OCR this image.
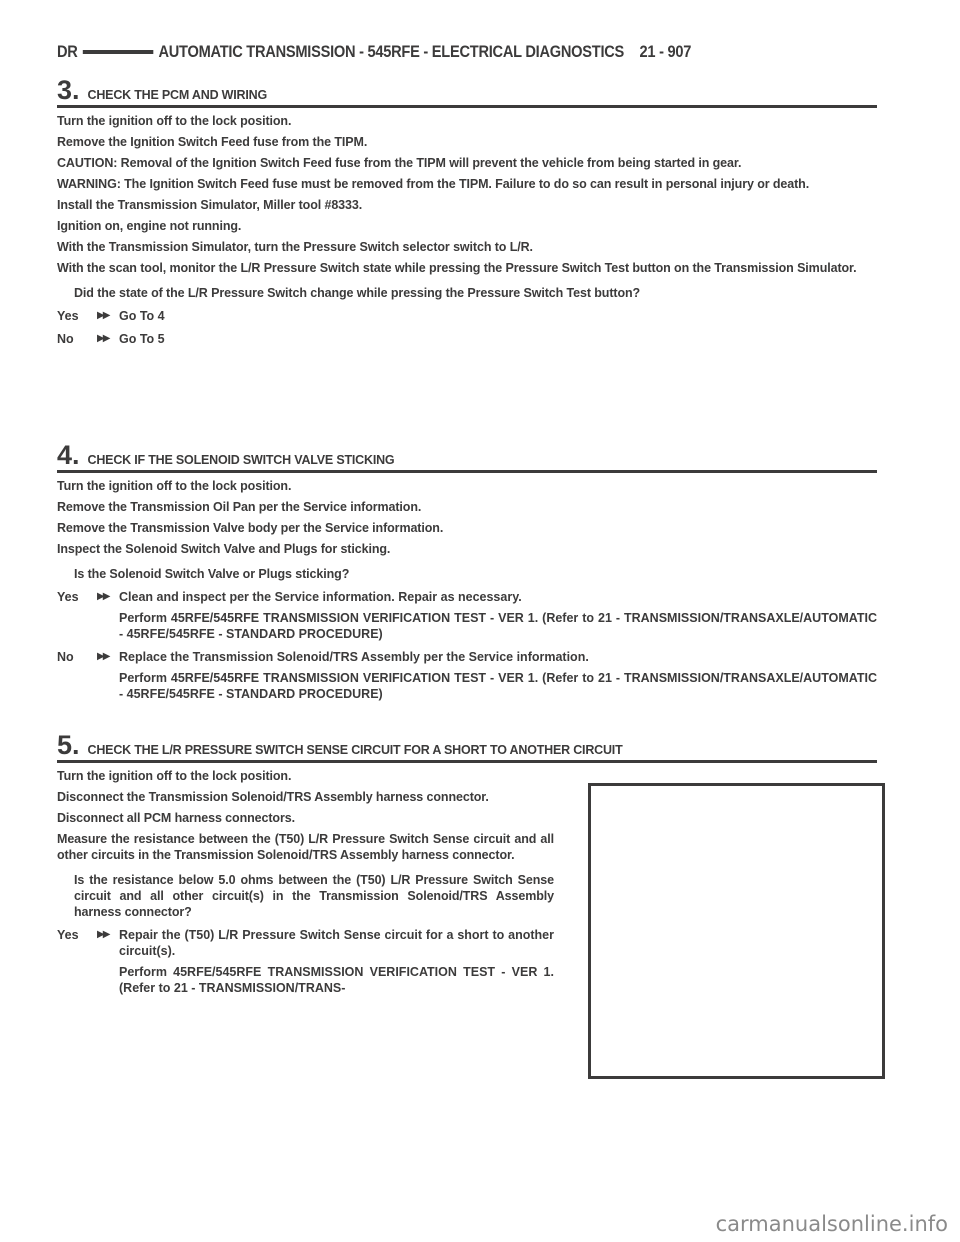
DR	AUTOMATIC TRANSMISSION - 545RFE - ELECTRICAL DIAGNOSTICS 21 - 907
3. CHECK THE PCM AND WIRING

Turn the ignition off to the lock position.

Remove the Ignition Switch Feed fuse from the TIPM.

CAUTION: Removal of the Ignition Switch Feed fuse from the TIPM will prevent the vehicle from being started in gear.

WARNING: The Ignition Switch Feed fuse must be removed from the TIPM. Failure to do so can result in personal injury or death.

Install the Transmission Simulator, Miller tool #8333.

Ignition on, engine not running.

With the Transmission Simulator, turn the Pressure Switch selector switch to L/R.

With the scan tool, monitor the L/R Pressure Switch state while pressing the Pressure Switch Test button on the Transmission Simulator.

Did the state of the L/R Pressure Switch change while pressing the Pressure Switch Test button?

Yes	▶▶ Go To 4
No	▶▶ Go To 5
4. CHECK IF THE SOLENOID SWITCH VALVE STICKING

Turn the ignition off to the lock position.

Remove the Transmission Oil Pan per the Service information.

Remove the Transmission Valve body per the Service information.

Inspect the Solenoid Switch Valve and Plugs for sticking.

Is the Solenoid Switch Valve or Plugs sticking?

Yes	▶▶ Clean and inspect per the Service information. Repair as necessary.
Perform 45RFE/545RFE TRANSMISSION VERIFICATION TEST - VER 1. (Refer to 21 - TRANSMISSION/TRANSAXLE/AUTOMATIC - 45RFE/545RFE - STANDARD PROCEDURE)
No	▶▶ Replace the Transmission Solenoid/TRS Assembly per the Service information.
Perform 45RFE/545RFE TRANSMISSION VERIFICATION TEST - VER 1. (Refer to 21 - TRANSMISSION/TRANSAXLE/AUTOMATIC - 45RFE/545RFE - STANDARD PROCEDURE)
5. CHECK THE L/R PRESSURE SWITCH SENSE CIRCUIT FOR A SHORT TO ANOTHER CIRCUIT

Turn the ignition off to the lock position.

Disconnect the Transmission Solenoid/TRS Assembly harness connector.

Disconnect all PCM harness connectors.

Measure the resistance between the (T50) L/R Pressure Switch Sense circuit and all other circuits in the Transmission Solenoid/TRS Assembly harness connector.

Is the resistance below 5.0 ohms between the (T50) L/R Pressure Switch Sense circuit and all other circuit(s) in the Transmission Solenoid/TRS Assembly harness connector?

Yes	▶▶ Repair the (T50) L/R Pressure Switch Sense circuit for a short to another circuit(s).
Perform 45RFE/545RFE TRANSMISSION VERIFICATION TEST - VER 1. (Refer to 21 - TRANSMISSION/TRANS-
carmanualsonline.info
